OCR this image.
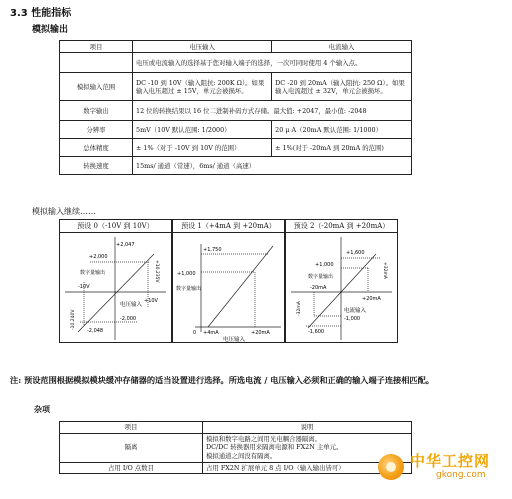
3.3 性能指标
模拟输出
项目	电压输入	电流输入
	电压或电流输入的选择基于您对输入端子的选择，一次可同时使用 4 个输入点。	
模拟输入范围	DC -10 到 10V（输入阻抗: 200K Ω）。如果输入电压超过 ± 15V，单元会被损坏。	DC -20 到 20mA（输入阻抗: 250 Ω）。如果输入电流超过 ± 32V，单元会被损坏。
数字输出	12 位的转换结果以 16 位二进制补码方式存储。最大值: +2047，最小值: -2048	
分辨率	5mV（10V 默认范围: 1/2000）	20 μ A（20mA 默认范围: 1/1000）
总体精度	± 1%（对于 -10V 到 10V 的范围）	± 1%(对于 -20mA 到 20mA 的范围)
转换速度	15ms/ 通道（常速），6ms/ 通道（高速）	
模拟输入继续……
预设 0（-10V 到 10V）
+2,047
+2,000
数字量输出
-10V
+10V
电压输入
-2,000
-2,048
+10.235V
-10.240V
预设 1（+4mA 到 +20mA）
+1,750
+1,000
数字量输出
0 +4mA	+20mA
电压输入
预设 2（-20mA 到 +20mA）
+1,600
+1,000
数字量输出
-20mA
+20mA
电流输入
-1,000
-1,600
+32mA
-32mA
注: 预设范围根据模拟模块缓冲存储器的适当设置进行选择。所选电流 / 电压输入必须和正确的输入端子连接相匹配。
杂项
项目	说明
隔离	模拟和数字电路之间用光电耦合器隔离。
DC/DC 转换器用来隔离电源和 FX2N 主单元。
模拟通道之间没有隔离。

占用 I/O 点数目	占用 FX2N 扩展单元 8 点 I/O（输入输出皆可）	中华工控网
gkong.com
